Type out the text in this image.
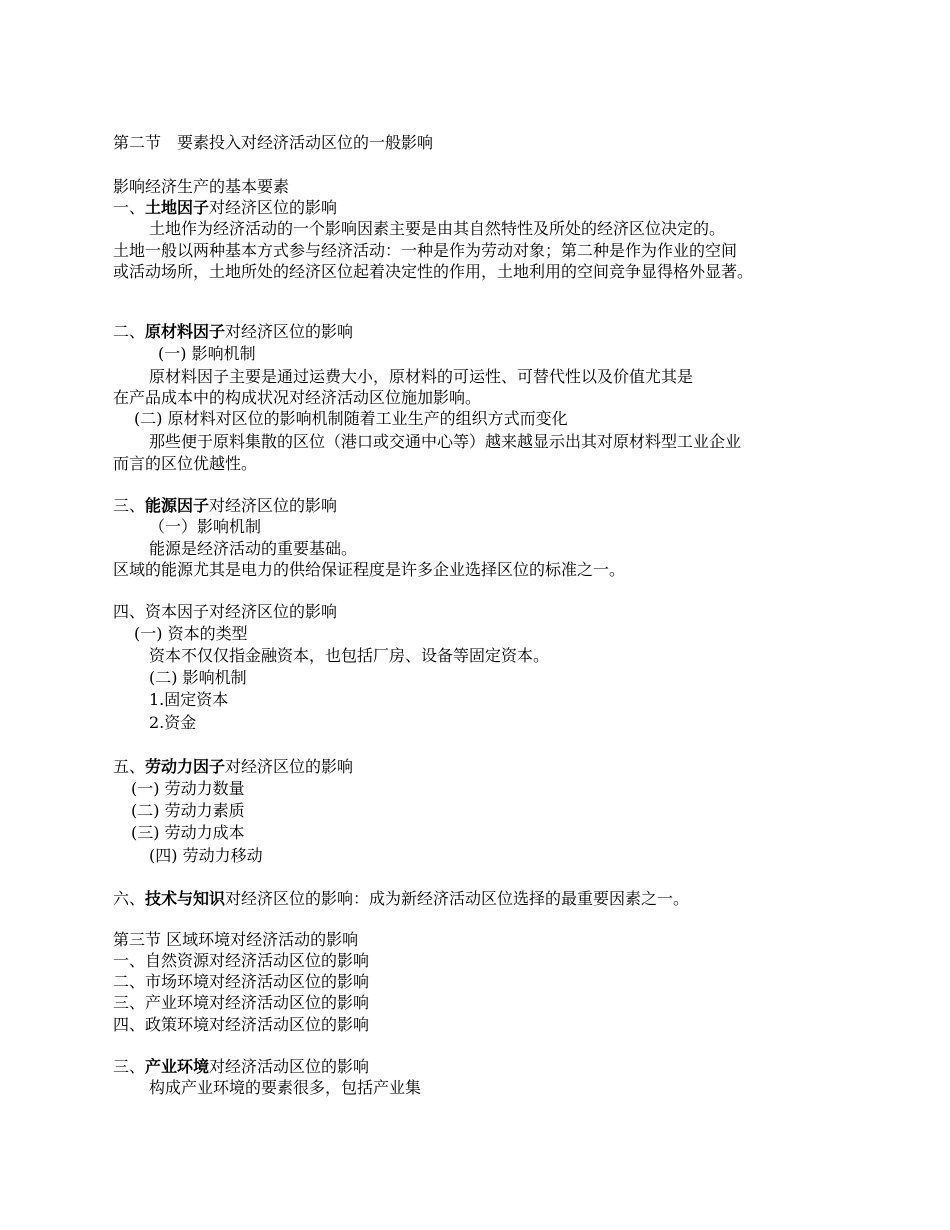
第二节　要素投入对经济活动区位的一般影响
影响经济生产的基本要素
一、土地因子对经济区位的影响
土地作为经济活动的一个影响因素主要是由其自然特性及所处的经济区位决定的。
土地一般以两种基本方式参与经济活动：一种是作为劳动对象；第二种是作为作业的空间
或活动场所，土地所处的经济区位起着决定性的作用，土地利用的空间竞争显得格外显著。
二、原材料因子对经济区位的影响
(一) 影响机制
原材料因子主要是通过运费大小，原材料的可运性、可替代性以及价值尤其是
在产品成本中的构成状况对经济活动区位施加影响。
(二) 原材料对区位的影响机制随着工业生产的组织方式而变化
那些便于原料集散的区位（港口或交通中心等）越来越显示出其对原材料型工业企业
而言的区位优越性。
三、能源因子对经济区位的影响
（一）影响机制
能源是经济活动的重要基础。
区域的能源尤其是电力的供给保证程度是许多企业选择区位的标准之一。
四、资本因子对经济区位的影响
(一) 资本的类型
资本不仅仅指金融资本，也包括厂房、设备等固定资本。
(二) 影响机制
1.固定资本
2.资金
五、劳动力因子对经济区位的影响
(一) 劳动力数量
(二) 劳动力素质
(三) 劳动力成本
(四) 劳动力移动
六、技术与知识对经济区位的影响：成为新经济活动区位选择的最重要因素之一。
第三节 区域环境对经济活动的影响
一、自然资源对经济活动区位的影响
二、市场环境对经济活动区位的影响
三、产业环境对经济活动区位的影响
四、政策环境对经济活动区位的影响
三、产业环境对经济活动区位的影响
构成产业环境的要素很多，包括产业集
